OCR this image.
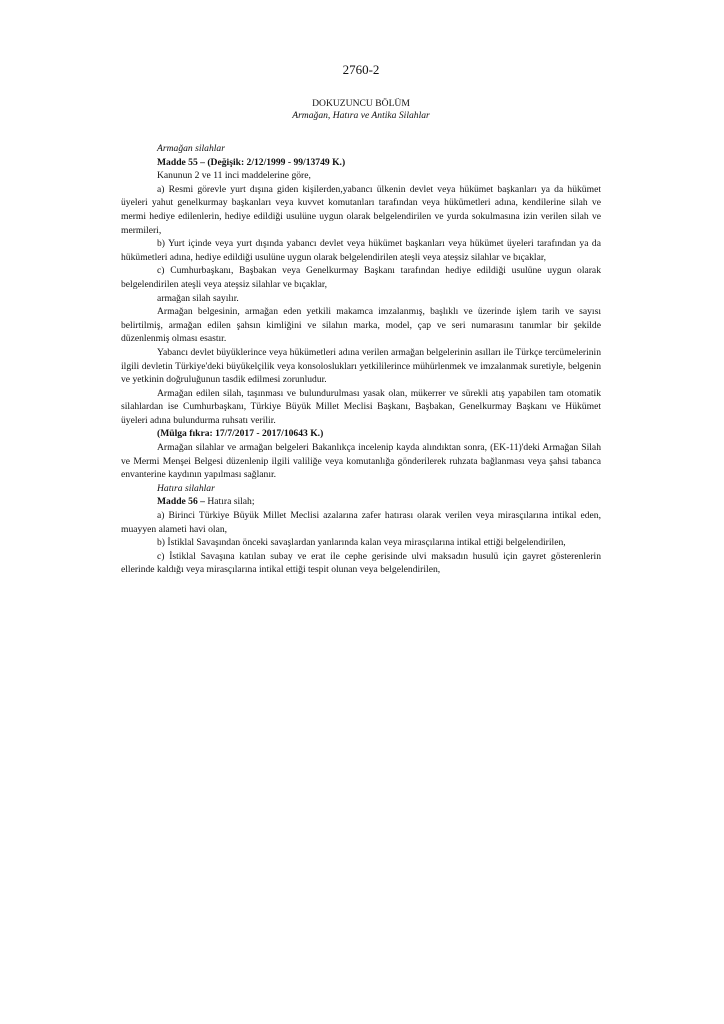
2760-2

DOKUZUNCU BÖLÜM

Armağan, Hatıra ve Antika Silahlar

Armağan silahlar

Madde 55 – (Değişik: 2/12/1999 - 99/13749 K.)

Kanunun 2 ve 11 inci maddelerine göre,

a) Resmi görevle yurt dışına giden kişilerden,yabancı ülkenin devlet veya hükümet başkanları ya da hükümet üyeleri yahut genelkurmay başkanları veya kuvvet komutanları tarafından veya hükümetleri adına, kendilerine silah ve mermi hediye edilenlerin, hediye edildiği usulüne uygun olarak belgelendirilen ve yurda sokulmasına izin verilen silah ve mermileri,

b) Yurt içinde veya yurt dışında yabancı devlet veya hükümet başkanları veya hükümet üyeleri tarafından ya da hükümetleri adına, hediye edildiği usulüne uygun olarak belgelendirilen ateşli veya ateşsiz silahlar ve bıçaklar,

c) Cumhurbaşkanı, Başbakan veya Genelkurmay Başkanı tarafından hediye edildiği usulüne uygun olarak belgelendirilen ateşli veya ateşsiz silahlar ve bıçaklar,

armağan silah sayılır.

Armağan belgesinin, armağan eden yetkili makamca imzalanmış, başlıklı ve üzerinde işlem tarih ve sayısı belirtilmiş, armağan edilen şahsın kimliğini ve silahın marka, model, çap ve seri numarasını tanımlar bir şekilde düzenlenmiş olması esastır.

Yabancı devlet büyüklerince veya hükümetleri adına verilen armağan belgelerinin asılları ile Türkçe tercümelerinin ilgili devletin Türkiye'deki büyükelçilik veya konsoloslukları yetkililerince mühürlenmek ve imzalanmak suretiyle, belgenin ve yetkinin doğruluğunun tasdik edilmesi zorunludur.

Armağan edilen silah, taşınması ve bulundurulması yasak olan, mükerrer ve sürekli atış yapabilen tam otomatik silahlardan ise Cumhurbaşkanı, Türkiye Büyük Millet Meclisi Başkanı, Başbakan, Genelkurmay Başkanı ve Hükümet üyeleri adına bulundurma ruhsatı verilir.

(Mülga fıkra: 17/7/2017 - 2017/10643 K.)

Armağan silahlar ve armağan belgeleri Bakanlıkça incelenip kayda alındıktan sonra, (EK-11)'deki Armağan Silah ve Mermi Menşei Belgesi düzenlenip ilgili valiliğe veya komutanlığa gönderilerek ruhzata bağlanması veya şahsi tabanca envanterine kaydının yapılması sağlanır.

Hatıra silahlar

Madde 56 – Hatıra silah;

a) Birinci Türkiye Büyük Millet Meclisi azalarına zafer hatırası olarak verilen veya mirasçılarına intikal eden, muayyen alameti havi olan,

b) İstiklal Savaşından önceki savaşlardan yanlarında kalan veya mirasçılarına intikal ettiği belgelendirilen,

c) İstiklal Savaşına katılan subay ve erat ile cephe gerisinde ulvi maksadın husulü için gayret gösterenlerin ellerinde kaldığı veya mirasçılarına intikal ettiği tespit olunan veya belgelendirilen,
